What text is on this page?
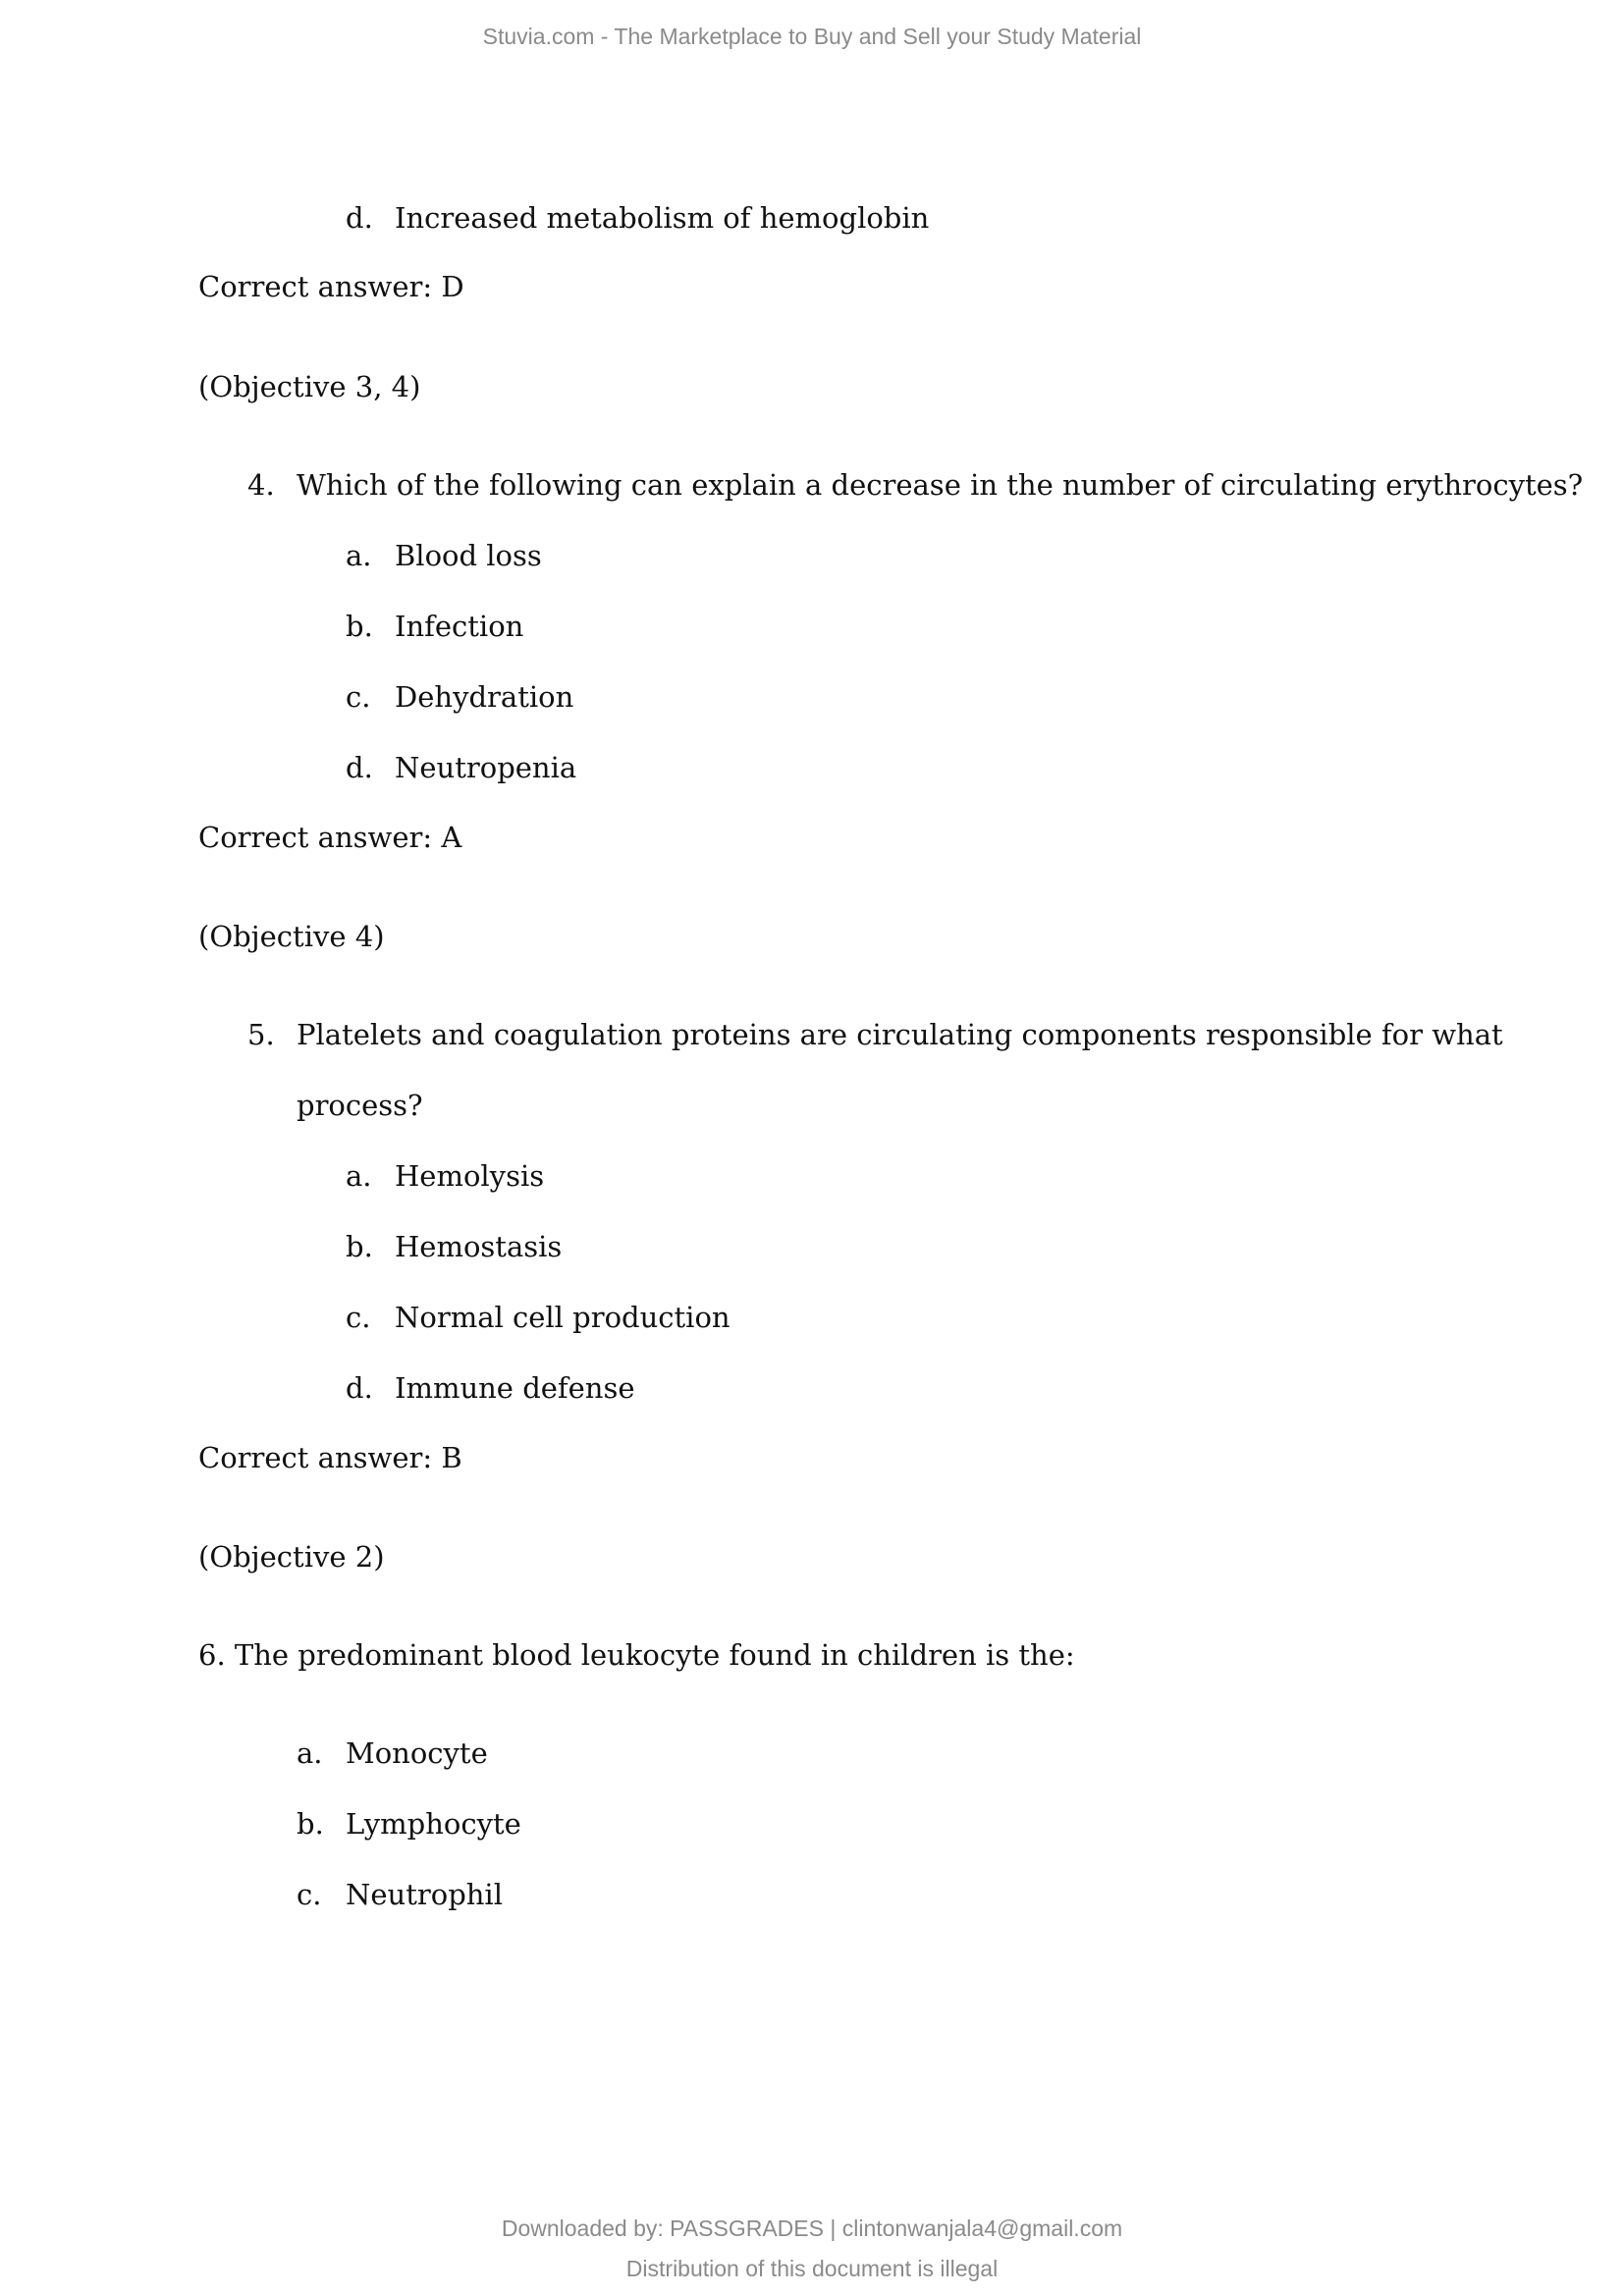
Stuvia.com - The Marketplace to Buy and Sell your Study Material
d. Increased metabolism of hemoglobin
Correct answer: D
(Objective 3, 4)
4. Which of the following can explain a decrease in the number of circulating erythrocytes?
a. Blood loss
b. Infection
c. Dehydration
d. Neutropenia
Correct answer: A
(Objective 4)
5. Platelets and coagulation proteins are circulating components responsible for what
process?
a. Hemolysis
b. Hemostasis
c. Normal cell production
d. Immune defense
Correct answer: B
(Objective 2)
6. The predominant blood leukocyte found in children is the:
a. Monocyte
b. Lymphocyte
c. Neutrophil
Downloaded by: PASSGRADES | clintonwanjala4@gmail.com
Distribution of this document is illegal
